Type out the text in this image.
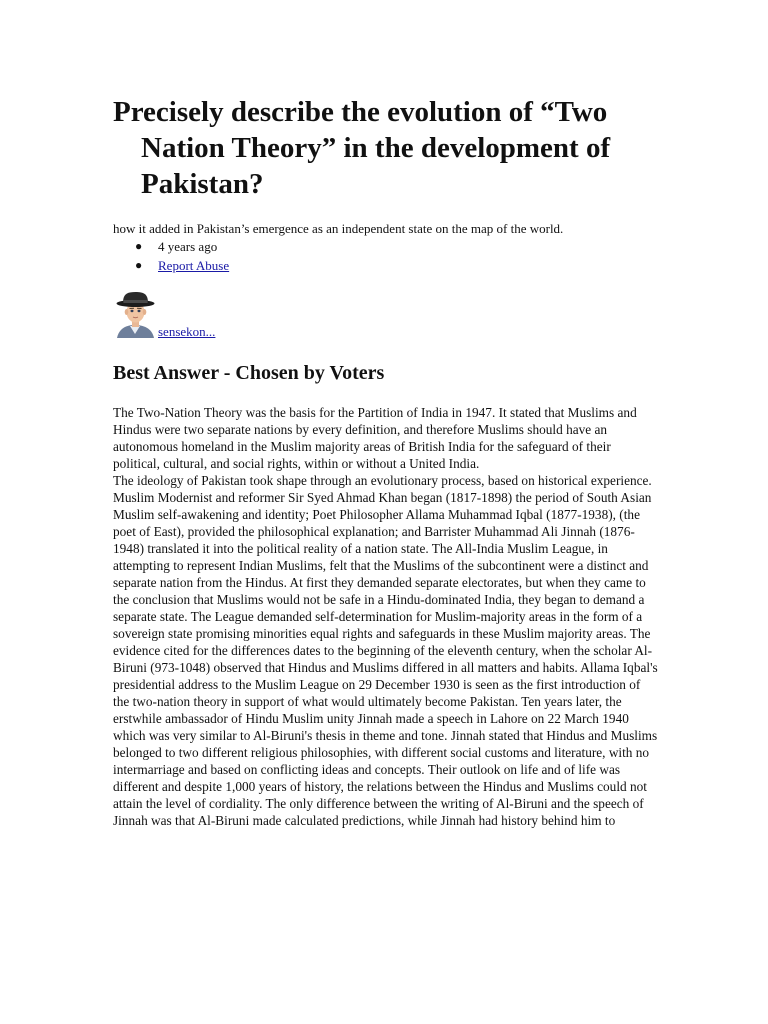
Precisely describe the evolution of “Two Nation Theory” in the development of Pakistan?
how it added in Pakistan’s emergence as an independent state on the map of the world.
● 4 years ago
● Report Abuse
sensekon...
Best Answer - Chosen by Voters

The Two-Nation Theory was the basis for the Partition of India in 1947. It stated that Muslims and Hindus were two separate nations by every definition, and therefore Muslims should have an autonomous homeland in the Muslim majority areas of British India for the safeguard of their political, cultural, and social rights, within or without a United India.

The ideology of Pakistan took shape through an evolutionary process, based on historical experience. Muslim Modernist and reformer Sir Syed Ahmad Khan began (1817-1898) the period of South Asian Muslim self-awakening and identity; Poet Philosopher Allama Muhammad Iqbal (1877-1938), (the poet of East), provided the philosophical explanation; and Barrister Muhammad Ali Jinnah (1876-1948) translated it into the political reality of a nation state. The All-India Muslim League, in attempting to represent Indian Muslims, felt that the Muslims of the subcontinent were a distinct and separate nation from the Hindus. At first they demanded separate electorates, but when they came to the conclusion that Muslims would not be safe in a Hindu-dominated India, they began to demand a separate state. The League demanded self-determination for Muslim-majority areas in the form of a sovereign state promising minorities equal rights and safeguards in these Muslim majority areas. The evidence cited for the differences dates to the beginning of the eleventh century, when the scholar Al-Biruni (973-1048) observed that Hindus and Muslims differed in all matters and habits. Allama Iqbal's presidential address to the Muslim League on 29 December 1930 is seen as the first introduction of the two-nation theory in support of what would ultimately become Pakistan. Ten years later, the erstwhile ambassador of Hindu Muslim unity Jinnah made a speech in Lahore on 22 March 1940 which was very similar to Al-Biruni's thesis in theme and tone. Jinnah stated that Hindus and Muslims belonged to two different religious philosophies, with different social customs and literature, with no intermarriage and based on conflicting ideas and concepts. Their outlook on life and of life was different and despite 1,000 years of history, the relations between the Hindus and Muslims could not attain the level of cordiality. The only difference between the writing of Al-Biruni and the speech of Jinnah was that Al-Biruni made calculated predictions, while Jinnah had history behind him to
